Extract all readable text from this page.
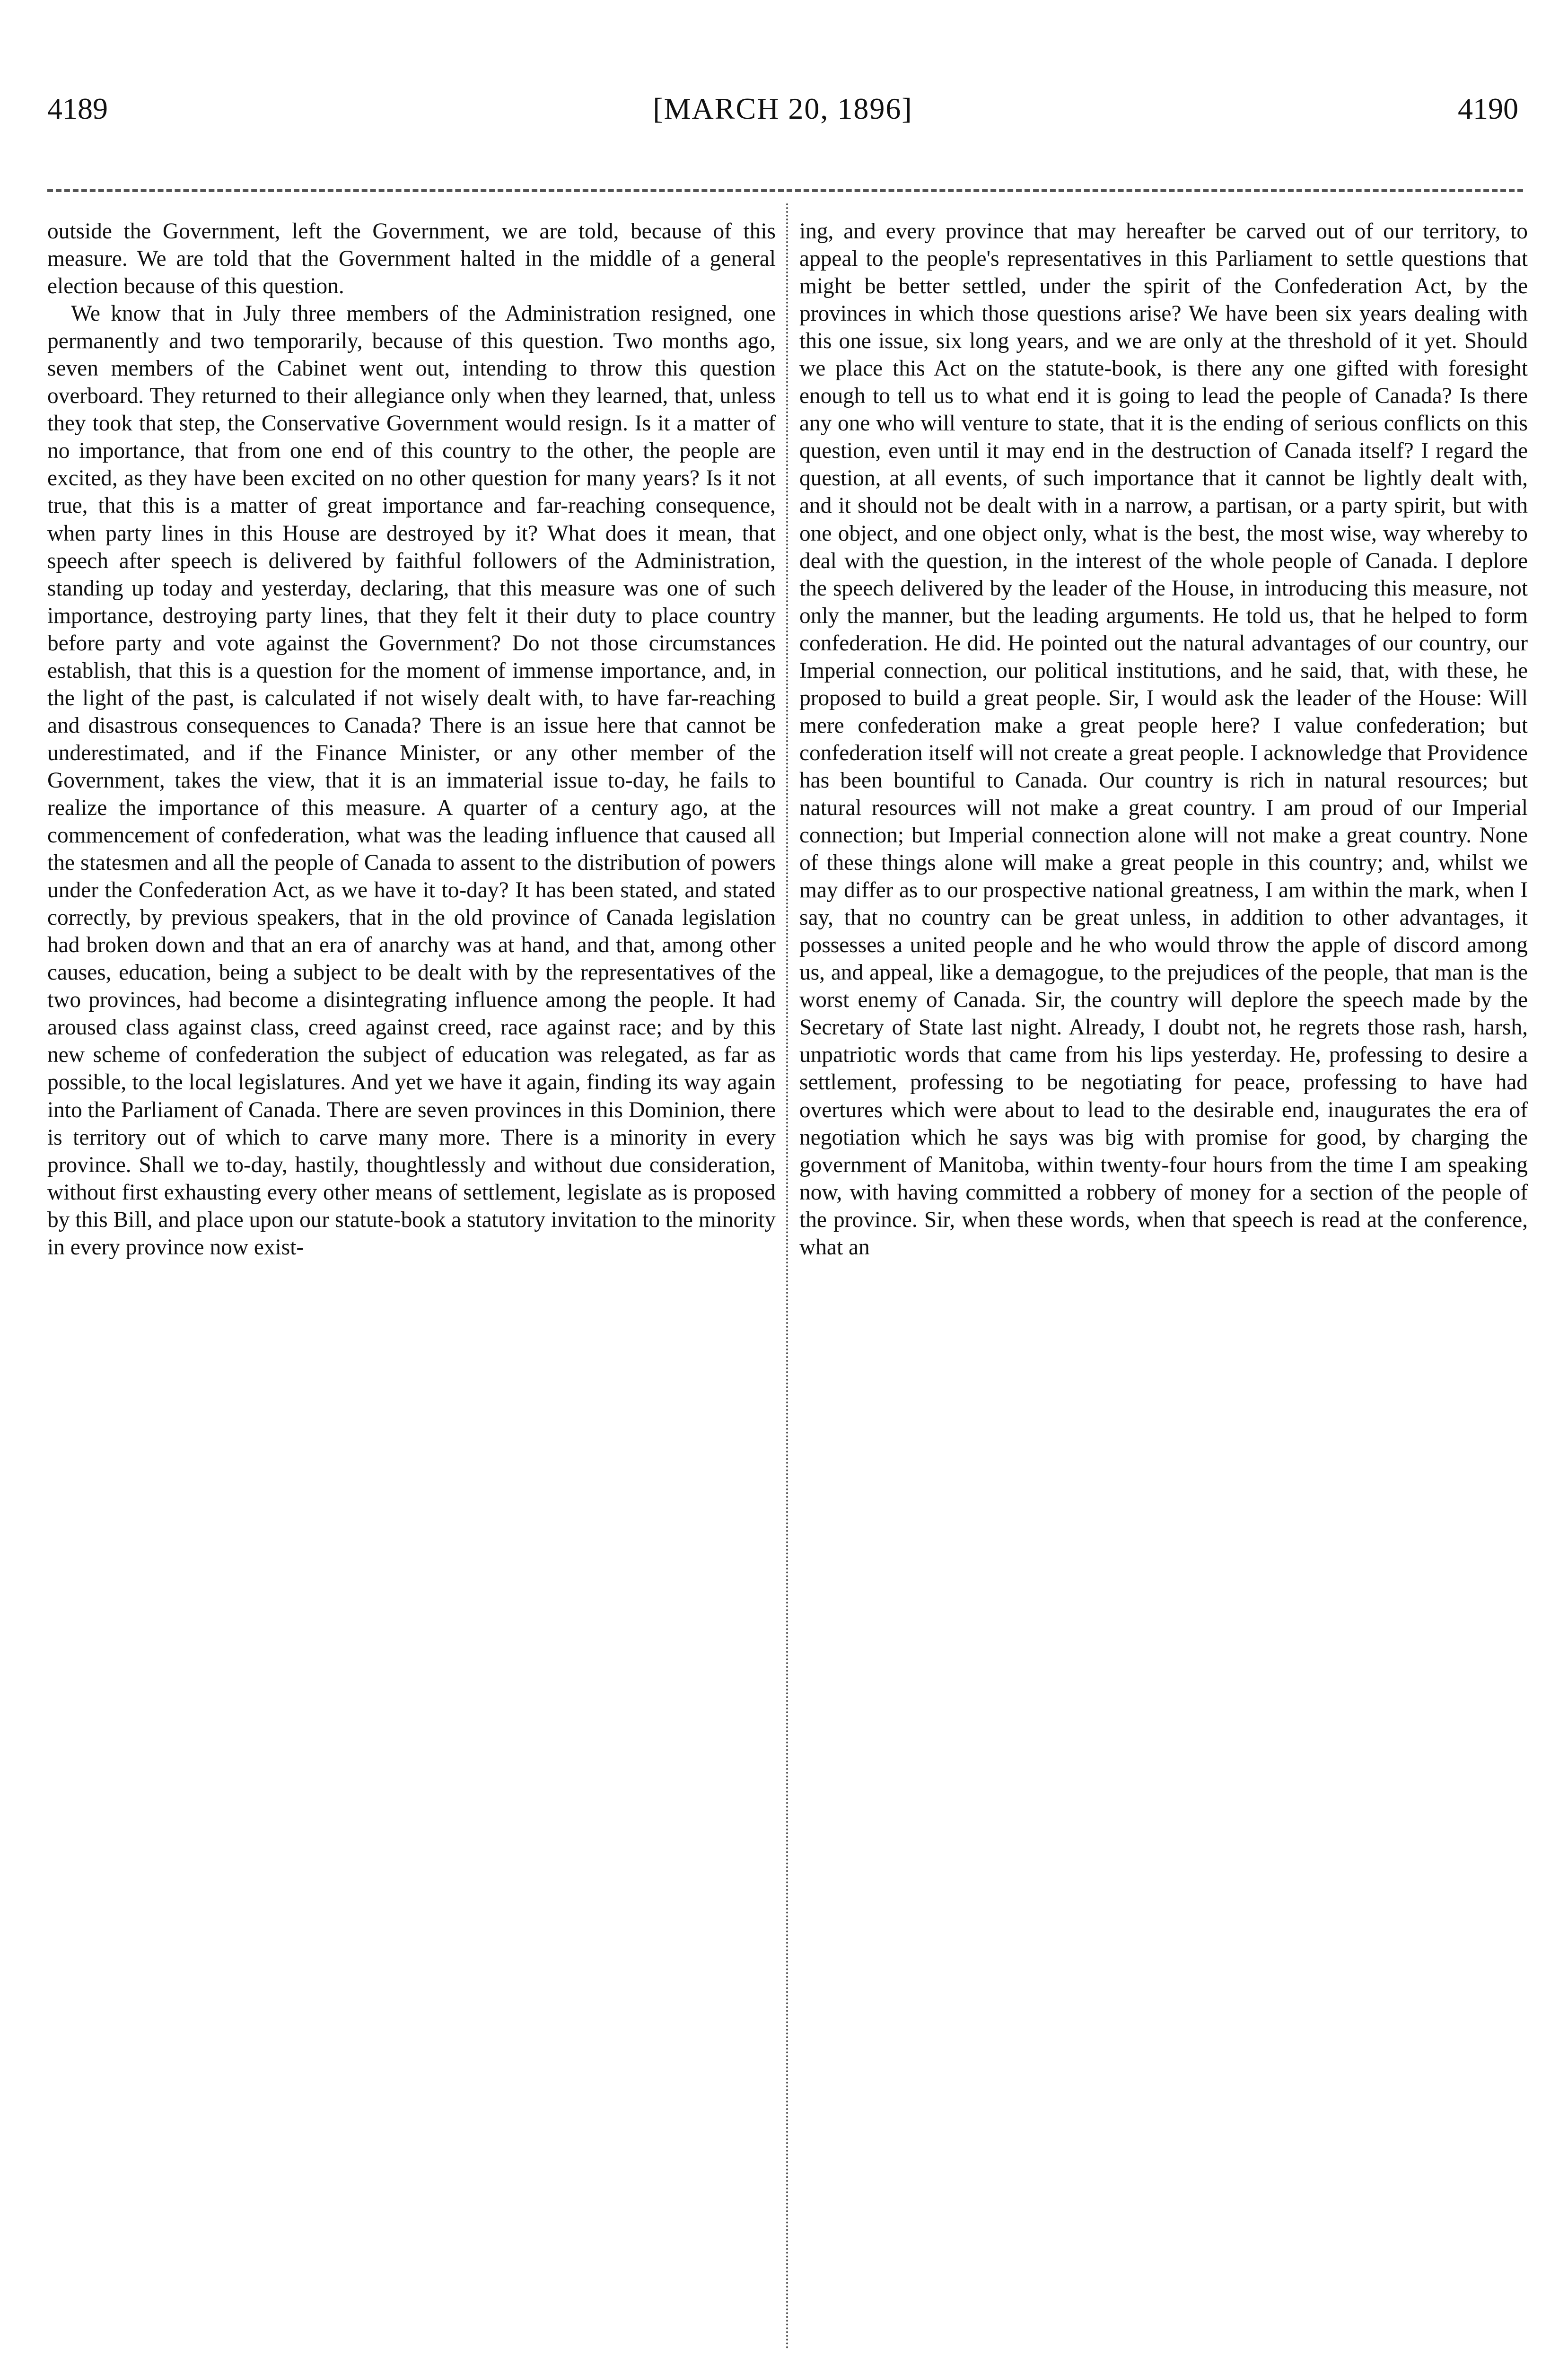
4189	[MARCH 20, 1896]	4190

outside the Government, left the Government, we are told, because of this measure. We are told that the Government halted in the middle of a general election because of this question.

We know that in July three members of the Administration resigned, one permanently and two temporarily, because of this question. Two months ago, seven members of the Cabinet went out, intending to throw this question overboard. They returned to their allegiance only when they learned, that, unless they took that step, the Conservative Government would resign. Is it a matter of no importance, that from one end of this country to the other, the people are excited, as they have been excited on no other question for many years? Is it not true, that this is a matter of great importance and far-reaching consequence, when party lines in this House are destroyed by it? What does it mean, that speech after speech is delivered by faithful followers of the Administration, standing up today and yesterday, declaring, that this measure was one of such importance, destroying party lines, that they felt it their duty to place country before party and vote against the Government? Do not those circumstances establish, that this is a question for the moment of immense importance, and, in the light of the past, is calculated if not wisely dealt with, to have far-reaching and disastrous consequences to Canada? There is an issue here that cannot be underestimated, and if the Finance Minister, or any other member of the Government, takes the view, that it is an immaterial issue to-day, he fails to realize the importance of this measure. A quarter of a century ago, at the commencement of confederation, what was the leading influence that caused all the statesmen and all the people of Canada to assent to the distribution of powers under the Confederation Act, as we have it to-day? It has been stated, and stated correctly, by previous speakers, that in the old province of Canada legislation had broken down and that an era of anarchy was at hand, and that, among other causes, education, being a subject to be dealt with by the representatives of the two provinces, had become a disintegrating influence among the people. It had aroused class against class, creed against creed, race against race; and by this new scheme of confederation the subject of education was relegated, as far as possible, to the local legislatures. And yet we have it again, finding its way again into the Parliament of Canada. There are seven provinces in this Dominion, there is territory out of which to carve many more. There is a minority in every province. Shall we to-day, hastily, thoughtlessly and without due consideration, without first exhausting every other means of settlement, legislate as is proposed by this Bill, and place upon our statute-book a statutory invitation to the minority in every province now exist-

ing, and every province that may hereafter be carved out of our territory, to appeal to the people's representatives in this Parliament to settle questions that might be better settled, under the spirit of the Confederation Act, by the provinces in which those questions arise? We have been six years dealing with this one issue, six long years, and we are only at the threshold of it yet. Should we place this Act on the statute-book, is there any one gifted with foresight enough to tell us to what end it is going to lead the people of Canada? Is there any one who will venture to state, that it is the ending of serious conflicts on this question, even until it may end in the destruction of Canada itself? I regard the question, at all events, of such importance that it cannot be lightly dealt with, and it should not be dealt with in a narrow, a partisan, or a party spirit, but with one object, and one object only, what is the best, the most wise, way whereby to deal with the question, in the interest of the whole people of Canada. I deplore the speech delivered by the leader of the House, in introducing this measure, not only the manner, but the leading arguments. He told us, that he helped to form confederation. He did. He pointed out the natural advantages of our country, our Imperial connection, our political institutions, and he said, that, with these, he proposed to build a great people. Sir, I would ask the leader of the House: Will mere confederation make a great people here? I value confederation; but confederation itself will not create a great people. I acknowledge that Providence has been bountiful to Canada. Our country is rich in natural resources; but natural resources will not make a great country. I am proud of our Imperial connection; but Imperial connection alone will not make a great country. None of these things alone will make a great people in this country; and, whilst we may differ as to our prospective national greatness, I am within the mark, when I say, that no country can be great unless, in addition to other advantages, it possesses a united people and he who would throw the apple of discord among us, and appeal, like a demagogue, to the prejudices of the people, that man is the worst enemy of Canada. Sir, the country will deplore the speech made by the Secretary of State last night. Already, I doubt not, he regrets those rash, harsh, unpatriotic words that came from his lips yesterday. He, professing to desire a settlement, professing to be negotiating for peace, professing to have had overtures which were about to lead to the desirable end, inaugurates the era of negotiation which he says was big with promise for good, by charging the government of Manitoba, within twenty-four hours from the time I am speaking now, with having committed a robbery of money for a section of the people of the province. Sir, when these words, when that speech is read at the conference, what an
